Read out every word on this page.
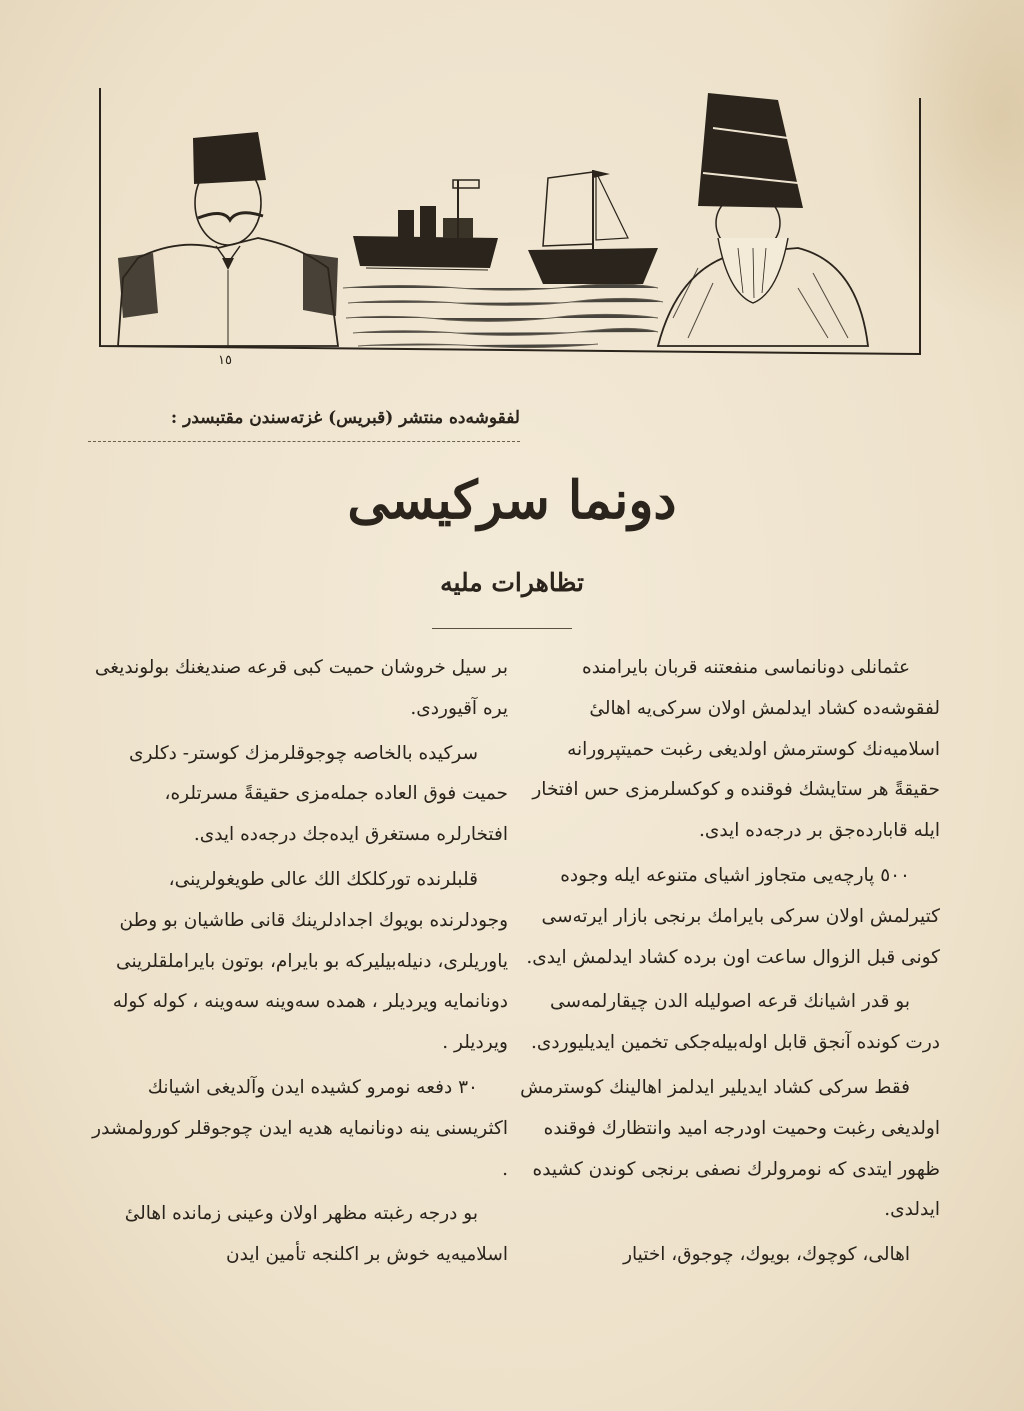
١٥
لفقوشه‌ده منتشر (قبريس) غزته‌سندن مقتبسدر :
دونما سركيسی
تظاهرات مليه

عثمانلی دونانماسی منفعتنه قربان بايرامنده لفقوشه‌ده كشاد ايدلمش اولان سركی‌يه اهالیٔ اسلاميه‌نك كوسترمش اولديغی رغبت حميتپرورانه حقيقةً هر ستايشك فوقنده و كوكسلرمزی حس افتخار ايله قابارده‌جق بر درجه‌ده ايدی.

٥٠٠ پارچه‌يی متجاوز اشياى متنوعه ايله وجوده كتيرلمش اولان سركی بايرامك برنجی بازار ايرته‌سی كونی قبل الزوال ساعت اون برده كشاد ايدلمش ايدی.

بو قدر اشيانك قرعه اصوليله الدن چيقارلمه‌سی درت كونده آنجق قابل اوله‌بيله‌جكی تخمين ايديليوردی.

فقط سركی كشاد ايديلير ايدلمز اهالينك كوسترمش اولديغی رغبت وحميت اودرجه امید وانتظارك فوقنده ظهور ايتدی كه نومرولرك نصفی برنجی كوندن كشيده ايدلدی.

اهالی، كوچوك، بويوك، چوجوق، اختيار

بر سيل خروشان حميت كبی قرعه صنديغنك بولونديغی يره آقيوردی.

سركيده بالخاصه چوجوقلرمزك كوستر- دكلری حميت فوق العاده جمله‌مزی حقيقةً مسرتلره، افتخارلره مستغرق ايده‌جك درجه‌ده ايدی.

قلبلرنده توركلكك الك عالی طويغولرينی، وجودلرنده بويوك اجدادلرينك قانی طاشيان بو وطن ياوريلری، دنيله‌بيليركه بو بايرام، بوتون بايراملقلرينی دونانمايه ويرديلر ، همده سه‌وينه سه‌وينه ، كوله كوله ويرديلر .

٣٠ دفعه نومرو كشيده ايدن وآلديغی اشيانك اكثريسنی ينه دونانمايه هديه ايدن چوجوقلر كورولمشدر .

بو درجه رغبته مظهر اولان وعينی زمانده اهالیٔ اسلاميه‌يه خوش بر اكلنجه تأمين ايدن
